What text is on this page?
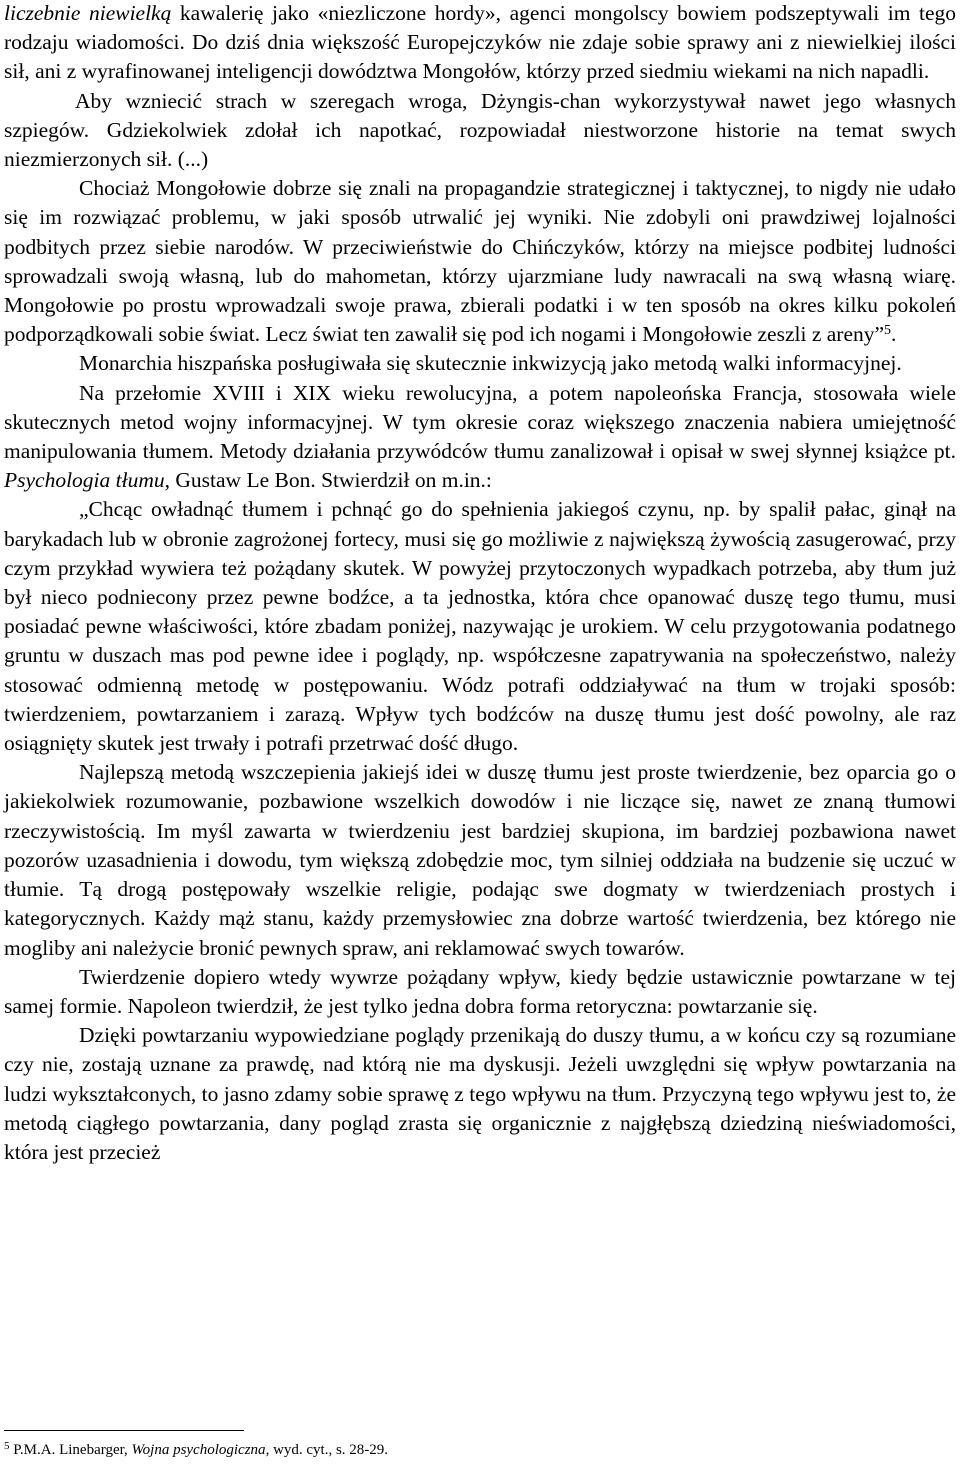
liczebnie niewielką kawalerię jako «niezliczone hordy», agenci mongolscy bowiem podszeptywali im tego rodzaju wiadomości. Do dziś dnia większość Europejczyków nie zdaje sobie sprawy ani z niewielkiej ilości sił, ani z wyrafinowanej inteligencji dowództwa Mongołów, którzy przed siedmiu wiekami na nich napadli.

Aby wzniecić strach w szeregach wroga, Dżyngis-chan wykorzystywał nawet jego własnych szpiegów. Gdziekolwiek zdołał ich napotkać, rozpowiadał niestworzone historie na temat swych niezmierzonych sił. (...)

Chociaż Mongołowie dobrze się znali na propagandzie strategicznej i taktycznej, to nigdy nie udało się im rozwiązać problemu, w jaki sposób utrwalić jej wyniki. Nie zdobyli oni prawdziwej lojalności podbitych przez siebie narodów. W przeciwieństwie do Chińczyków, którzy na miejsce podbitej ludności sprowadzali swoją własną, lub do mahometan, którzy ujarzmiane ludy nawracali na swą własną wiarę. Mongołowie po prostu wprowadzali swoje prawa, zbierali podatki i w ten sposób na okres kilku pokoleń podporządkowali sobie świat. Lecz świat ten zawalił się pod ich nogami i Mongołowie zeszli z areny”$^5$.

Monarchia hiszpańska posługiwała się skutecznie inkwizycją jako metodą walki informacyjnej.

Na przełomie XVIII i XIX wieku rewolucyjna, a potem napoleońska Francja, stosowała wiele skutecznych metod wojny informacyjnej. W tym okresie coraz większego znaczenia nabiera umiejętność manipulowania tłumem. Metody działania przywódców tłumu zanalizował i opisał w swej słynnej książce pt. Psychologia tłumu, Gustaw Le Bon. Stwierdził on m.in.:

„Chcąc owładnąć tłumem i pchnąć go do spełnienia jakiegoś czynu, np. by spalił pałac, ginął na barykadach lub w obronie zagrożonej fortecy, musi się go możliwie z największą żywością zasugerować, przy czym przykład wywiera też pożądany skutek. W powyżej przytoczonych wypadkach potrzeba, aby tłum już był nieco podniecony przez pewne bodźce, a ta jednostka, która chce opanować duszę tego tłumu, musi posiadać pewne właściwości, które zbadam poniżej, nazywając je urokiem. W celu przygotowania podatnego gruntu w duszach mas pod pewne idee i poglądy, np. współczesne zapatrywania na społeczeństwo, należy stosować odmienną metodę w postępowaniu. Wódz potrafi oddziaływać na tłum w trojaki sposób: twierdzeniem, powtarzaniem i zarazą. Wpływ tych bodźców na duszę tłumu jest dość powolny, ale raz osiągnięty skutek jest trwały i potrafi przetrwać dość długo.

Najlepszą metodą wszczepienia jakiejś idei w duszę tłumu jest proste twierdzenie, bez oparcia go o jakiekolwiek rozumowanie, pozbawione wszelkich dowodów i nie liczące się, nawet ze znaną tłumowi rzeczywistością. Im myśl zawarta w twierdzeniu jest bardziej skupiona, im bardziej pozbawiona nawet pozorów uzasadnienia i dowodu, tym większą zdobędzie moc, tym silniej oddziała na budzenie się uczuć w tłumie. Tą drogą postępowały wszelkie religie, podając swe dogmaty w twierdzeniach prostych i kategorycznych. Każdy mąż stanu, każdy przemysłowiec zna dobrze wartość twierdzenia, bez którego nie mogliby ani należycie bronić pewnych spraw, ani reklamować swych towarów.

Twierdzenie dopiero wtedy wywrze pożądany wpływ, kiedy będzie ustawicznie powtarzane w tej samej formie. Napoleon twierdził, że jest tylko jedna dobra forma retoryczna: powtarzanie się.

Dzięki powtarzaniu wypowiedziane poglądy przenikają do duszy tłumu, a w końcu czy są rozumiane czy nie, zostają uznane za prawdę, nad którą nie ma dyskusji. Jeżeli uwzględni się wpływ powtarzania na ludzi wykształconych, to jasno zdamy sobie sprawę z tego wpływu na tłum. Przyczyną tego wpływu jest to, że metodą ciągłego powtarzania, dany pogląd zrasta się organicznie z najgłębszą dziedziną nieświadomości, która jest przecież

$^5$ P.M.A. Linebarger, Wojna psychologiczna, wyd. cyt., s. 28-29.
